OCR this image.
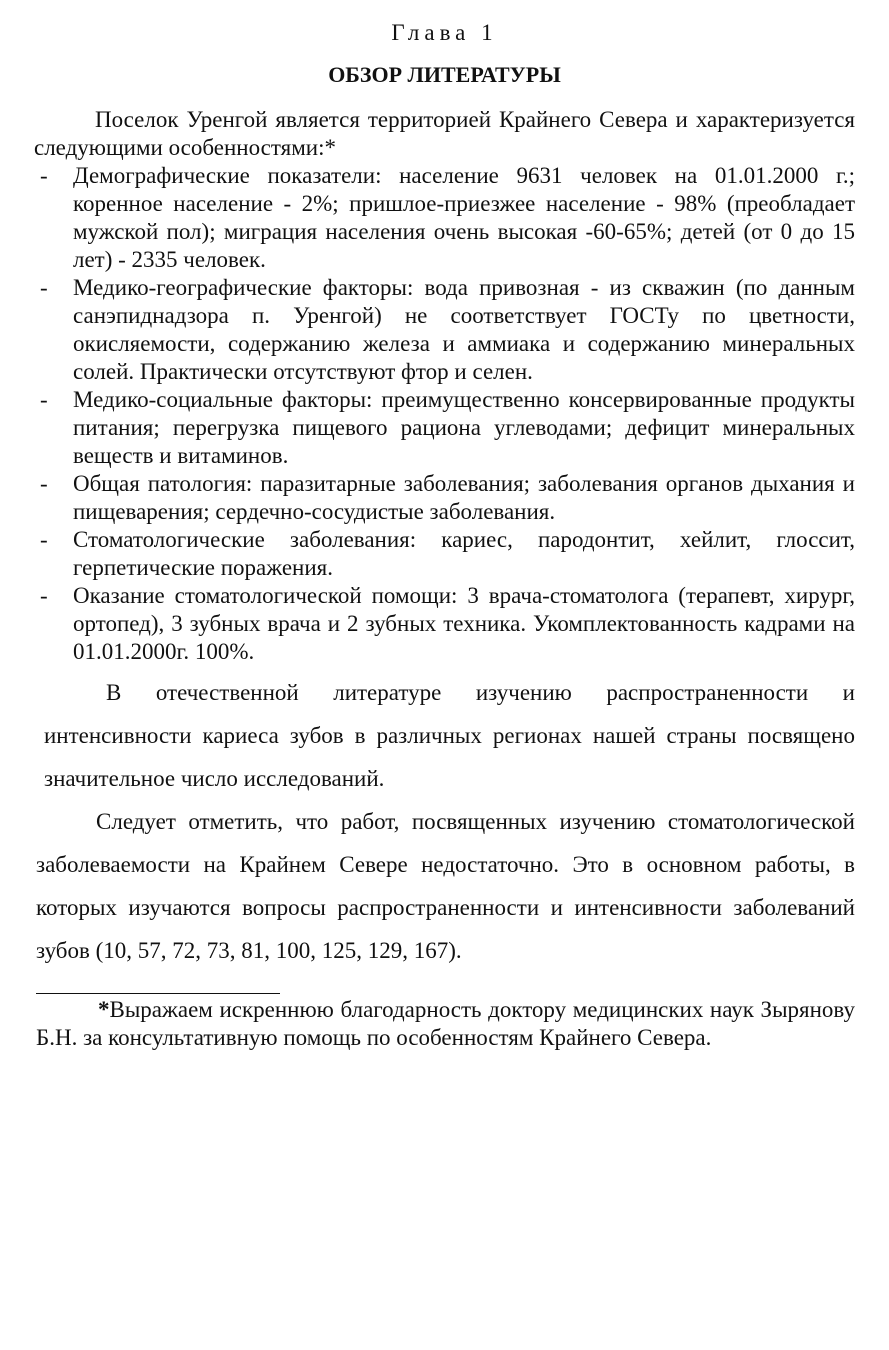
Глава 1
ОБЗОР ЛИТЕРАТУРЫ

Поселок Уренгой является территорией Крайнего Севера и характеризуется следующими особенностями:*

- Демографические показатели: население 9631 человек на 01.01.2000 г.; коренное население - 2%; пришлое-приезжее население - 98% (преобладает мужской пол); миграция населения очень высокая -60-65%; детей (от 0 до 15 лет) - 2335 человек.
- Медико-географические факторы: вода привозная - из скважин (по данным санэпиднадзора п. Уренгой) не соответствует ГОСТу по цветности, окисляемости, содержанию железа и аммиака и содержанию минеральных солей. Практически отсутствуют фтор и селен.
- Медико-социальные факторы: преимущественно консервированные продукты питания; перегрузка пищевого рациона углеводами; дефицит минеральных веществ и витаминов.
- Общая патология: паразитарные заболевания; заболевания органов дыхания и пищеварения; сердечно-сосудистые заболевания.
- Стоматологические заболевания: кариес, пародонтит, хейлит, глоссит, герпетические поражения.
- Оказание стоматологической помощи: 3 врача-стоматолога (терапевт, хирург, ортопед), 3 зубных врача и 2 зубных техника. Укомплектованность кадрами на 01.01.2000г. 100%.

В отечественной литературе изучению распространенности и интенсивности кариеса зубов в различных регионах нашей страны посвящено значительное число исследований.

Следует отметить, что работ, посвященных изучению стоматологической заболеваемости на Крайнем Севере недостаточно. Это в основном работы, в которых изучаются вопросы распространенности и интенсивности заболеваний зубов (10, 57, 72, 73, 81, 100, 125, 129, 167).

*Выражаем искреннюю благодарность доктору медицинских наук Зырянову Б.Н. за консультативную помощь по особенностям Крайнего Севера.
